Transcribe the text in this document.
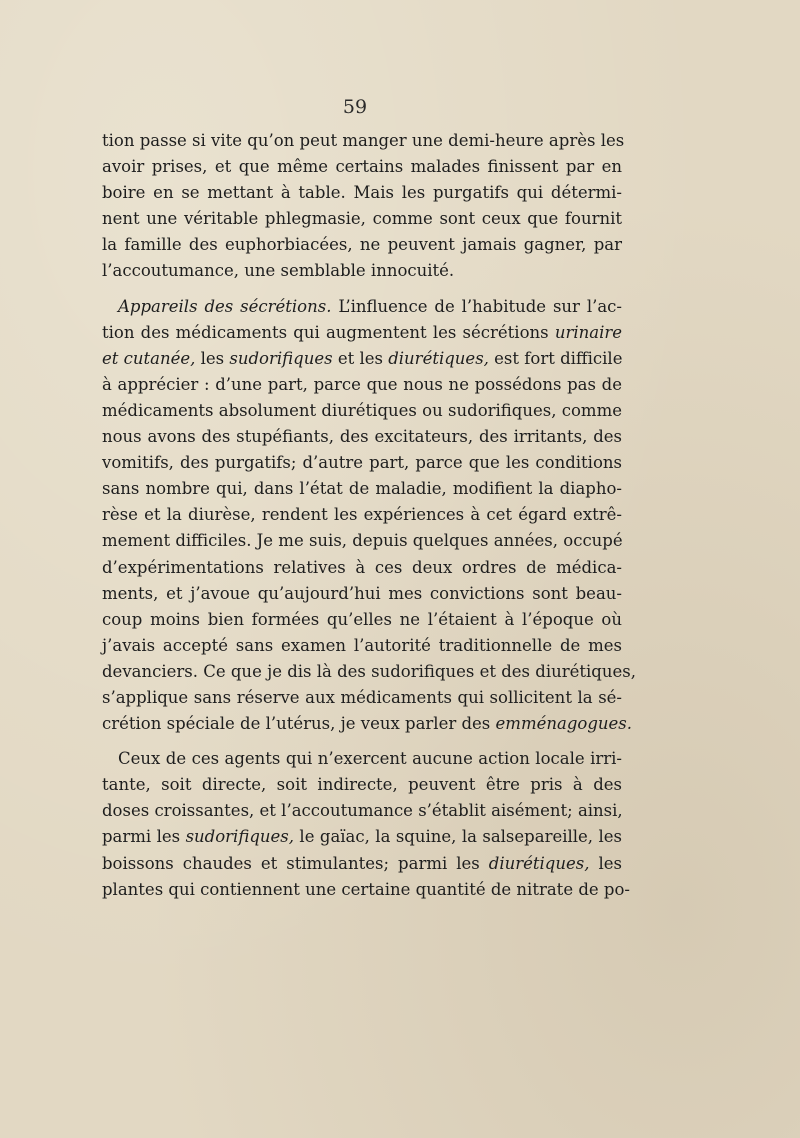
59

tion passe si vite qu’on peut manger une demi-heure après les
avoir prises, et que même certains malades finissent par en
boire en se mettant à table. Mais les purgatifs qui détermi-
nent une véritable phlegmasie, comme sont ceux que fournit
la famille des euphorbiacées, ne peuvent jamais gagner, par
l’accoutumance, une semblable innocuité.
Appareils des sécrétions. L’influence de l’habitude sur l’ac-
tion des médicaments qui augmentent les sécrétions urinaire
et cutanée, les sudorifiques et les diurétiques, est fort difficile
à apprécier : d’une part, parce que nous ne possédons pas de
médicaments absolument diurétiques ou sudorifiques, comme
nous avons des stupéfiants, des excitateurs, des irritants, des
vomitifs, des purgatifs; d’autre part, parce que les conditions
sans nombre qui, dans l’état de maladie, modifient la diapho-
rèse et la diurèse, rendent les expériences à cet égard extrê-
mement difficiles. Je me suis, depuis quelques années, occupé
d’expérimentations relatives à ces deux ordres de médica-
ments, et j’avoue qu’aujourd’hui mes convictions sont beau-
coup moins bien formées qu’elles ne l’étaient à l’époque où
j’avais accepté sans examen l’autorité traditionnelle de mes
devanciers. Ce que je dis là des sudorifiques et des diurétiques,
s’applique sans réserve aux médicaments qui sollicitent la sé-
crétion spéciale de l’utérus, je veux parler des emménagogues.
Ceux de ces agents qui n’exercent aucune action locale irri-
tante, soit directe, soit indirecte, peuvent être pris à des
doses croissantes, et l’accoutumance s’établit aisément; ainsi,
parmi les sudorifiques, le gaïac, la squine, la salsepareille, les
boissons chaudes et stimulantes; parmi les diurétiques, les
plantes qui contiennent une certaine quantité de nitrate de po-
